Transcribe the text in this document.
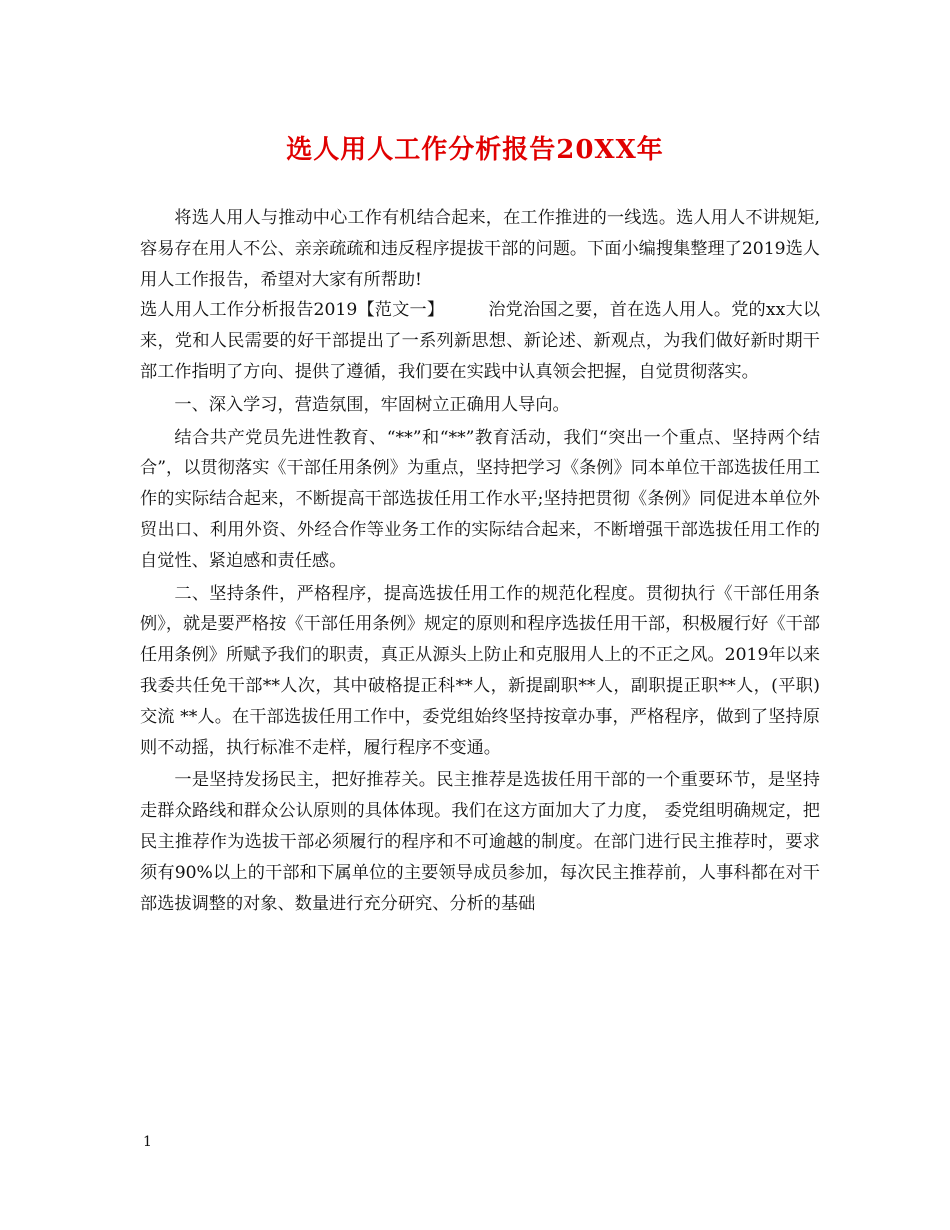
选人用人工作分析报告20XX年

将选人用人与推动中心工作有机结合起来，在工作推进的一线选。选人用人不讲规矩,容易存在用人不公、亲亲疏疏和违反程序提拔干部的问题。下面小编搜集整理了2019选人用人工作报告，希望对大家有所帮助!

选人用人工作分析报告2019【范文一】	治党治国之要，首在选人用人。党的xx大以来，党和人民需要的好干部提出了一系列新思想、新论述、新观点，为我们做好新时期干部工作指明了方向、提供了遵循，我们要在实践中认真领会把握，自觉贯彻落实。

一、深入学习，营造氛围，牢固树立正确用人导向。

结合共产党员先进性教育、“**”和“**”教育活动，我们“突出一个重点、坚持两个结合”，以贯彻落实《干部任用条例》为重点，坚持把学习《条例》同本单位干部选拔任用工作的实际结合起来，不断提高干部选拔任用工作水平;坚持把贯彻《条例》同促进本单位外贸出口、利用外资、外经合作等业务工作的实际结合起来，不断增强干部选拔任用工作的自觉性、紧迫感和责任感。

二、坚持条件，严格程序，提高选拔任用工作的规范化程度。贯彻执行《干部任用条例》，就是要严格按《干部任用条例》规定的原则和程序选拔任用干部，积极履行好《干部任用条例》所赋予我们的职责，真正从源头上防止和克服用人上的不正之风。2019年以来我委共任免干部**人次，其中破格提正科**人，新提副职**人，副职提正职**人，(平职)交流 **人。在干部选拔任用工作中，委党组始终坚持按章办事，严格程序，做到了坚持原则不动摇，执行标准不走样，履行程序不变通。

一是坚持发扬民主，把好推荐关。民主推荐是选拔任用干部的一个重要环节，是坚持走群众路线和群众公认原则的具体体现。我们在这方面加大了力度， 委党组明确规定，把民主推荐作为选拔干部必须履行的程序和不可逾越的制度。在部门进行民主推荐时，要求须有90%以上的干部和下属单位的主要领导成员参加，每次民主推荐前，人事科都在对干部选拔调整的对象、数量进行充分研究、分析的基础

1
